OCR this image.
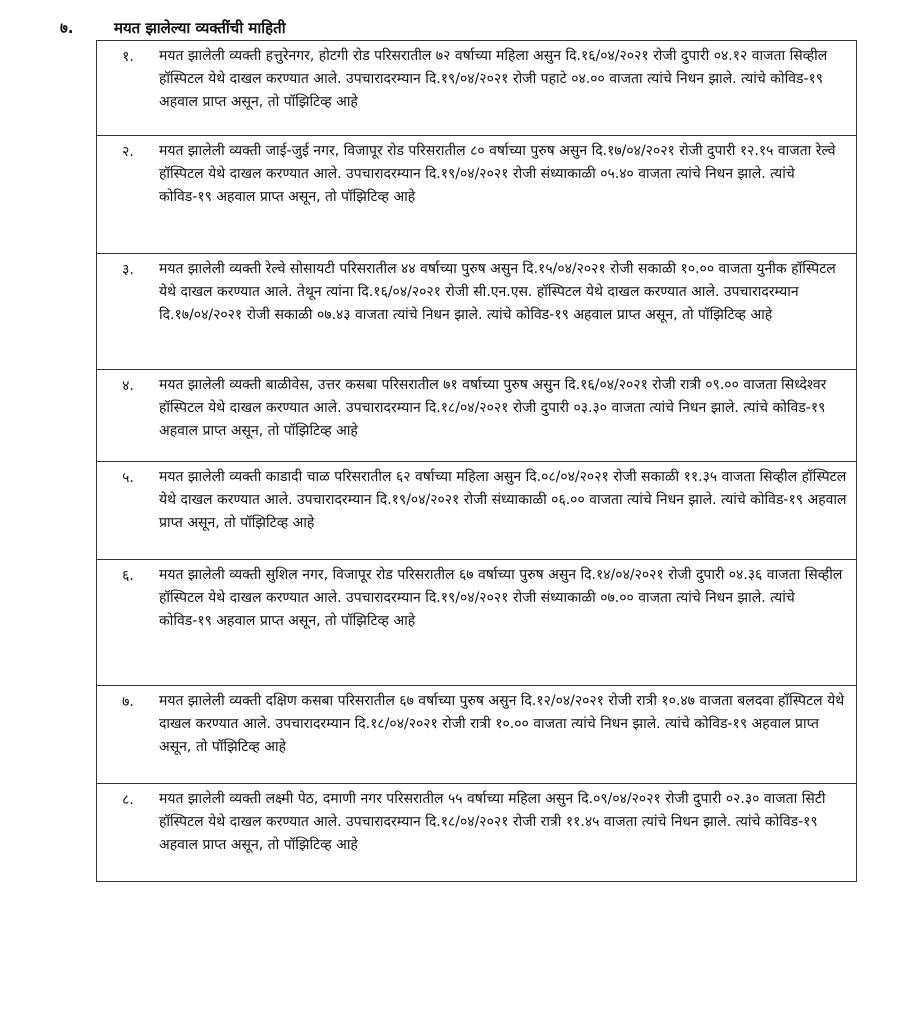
७.	मयत झालेल्या व्यक्तींची माहिती
१.	मयत झालेली व्यक्ती हत्तुरेनगर, होटगी रोड परिसरातील ७२ वर्षाच्या महिला असुन दि.१६/०४/२०२१ रोजी दुपारी ०४.१२ वाजता सिव्हील हॉस्पिटल येथे दाखल करण्यात आले. उपचारादरम्यान दि.१९/०४/२०२१ रोजी पहाटे ०४.०० वाजता त्यांचे निधन झाले. त्यांचे कोविड-१९ अहवाल प्राप्त असून, तो पॉझिटिव्ह आहे
२.	मयत झालेली व्यक्ती जाई-जुई नगर, विजापूर रोड परिसरातील ८० वर्षाच्या पुरुष असुन दि.१७/०४/२०२१ रोजी दुपारी १२.१५ वाजता रेल्वे हॉस्पिटल येथे दाखल करण्यात आले. उपचारादरम्यान दि.१९/०४/२०२१ रोजी संध्याकाळी ०५.४० वाजता त्यांचे निधन झाले. त्यांचे कोविड-१९ अहवाल प्राप्त असून, तो पॉझिटिव्ह आहे
३.	मयत झालेली व्यक्ती रेल्वे सोसायटी परिसरातील ४४ वर्षाच्या पुरुष असुन दि.१५/०४/२०२१ रोजी सकाळी १०.०० वाजता युनीक हॉस्पिटल येथे दाखल करण्यात आले. तेथून त्यांना दि.१६/०४/२०२१ रोजी सी.एन.एस. हॉस्पिटल येथे दाखल करण्यात आले. उपचारादरम्यान दि.१७/०४/२०२१ रोजी सकाळी ०७.४३ वाजता त्यांचे निधन झाले. त्यांचे कोविड-१९ अहवाल प्राप्त असून, तो पॉझिटिव्ह आहे
४.	मयत झालेली व्यक्ती बाळीवेस, उत्तर कसबा परिसरातील ७१ वर्षाच्या पुरुष असुन दि.१६/०४/२०२१ रोजी रात्री ०९.०० वाजता सिध्देश्वर हॉस्पिटल येथे दाखल करण्यात आले. उपचारादरम्यान दि.१८/०४/२०२१ रोजी दुपारी ०३.३० वाजता त्यांचे निधन झाले. त्यांचे कोविड-१९ अहवाल प्राप्त असून, तो पॉझिटिव्ह आहे
५.	मयत झालेली व्यक्ती काडादी चाळ परिसरातील ६२ वर्षाच्या महिला असुन दि.०८/०४/२०२१ रोजी सकाळी ११.३५ वाजता सिव्हील हॉस्पिटल येथे दाखल करण्यात आले. उपचारादरम्यान दि.१९/०४/२०२१ रोजी संध्याकाळी ०६.०० वाजता त्यांचे निधन झाले. त्यांचे कोविड-१९ अहवाल प्राप्त असून, तो पॉझिटिव्ह आहे
६.	मयत झालेली व्यक्ती सुशिल नगर, विजापूर रोड परिसरातील ६७ वर्षाच्या पुरुष असुन दि.१४/०४/२०२१ रोजी दुपारी ०४.३६ वाजता सिव्हील हॉस्पिटल येथे दाखल करण्यात आले. उपचारादरम्यान दि.१९/०४/२०२१ रोजी संध्याकाळी ०७.०० वाजता त्यांचे निधन झाले. त्यांचे कोविड-१९ अहवाल प्राप्त असून, तो पॉझिटिव्ह आहे
७.	मयत झालेली व्यक्ती दक्षिण कसबा परिसरातील ६७ वर्षाच्या पुरुष असुन दि.१२/०४/२०२१ रोजी रात्री १०.४७ वाजता बलदवा हॉस्पिटल येथे दाखल करण्यात आले. उपचारादरम्यान दि.१८/०४/२०२१ रोजी रात्री १०.०० वाजता त्यांचे निधन झाले. त्यांचे कोविड-१९ अहवाल प्राप्त असून, तो पॉझिटिव्ह आहे
८.	मयत झालेली व्यक्ती लक्ष्मी पेठ, दमाणी नगर परिसरातील ५५ वर्षाच्या महिला असुन दि.०९/०४/२०२१ रोजी दुपारी ०२.३० वाजता सिटी हॉस्पिटल येथे दाखल करण्यात आले. उपचारादरम्यान दि.१८/०४/२०२१ रोजी रात्री ११.४५ वाजता त्यांचे निधन झाले. त्यांचे कोविड-१९ अहवाल प्राप्त असून, तो पॉझिटिव्ह आहे
